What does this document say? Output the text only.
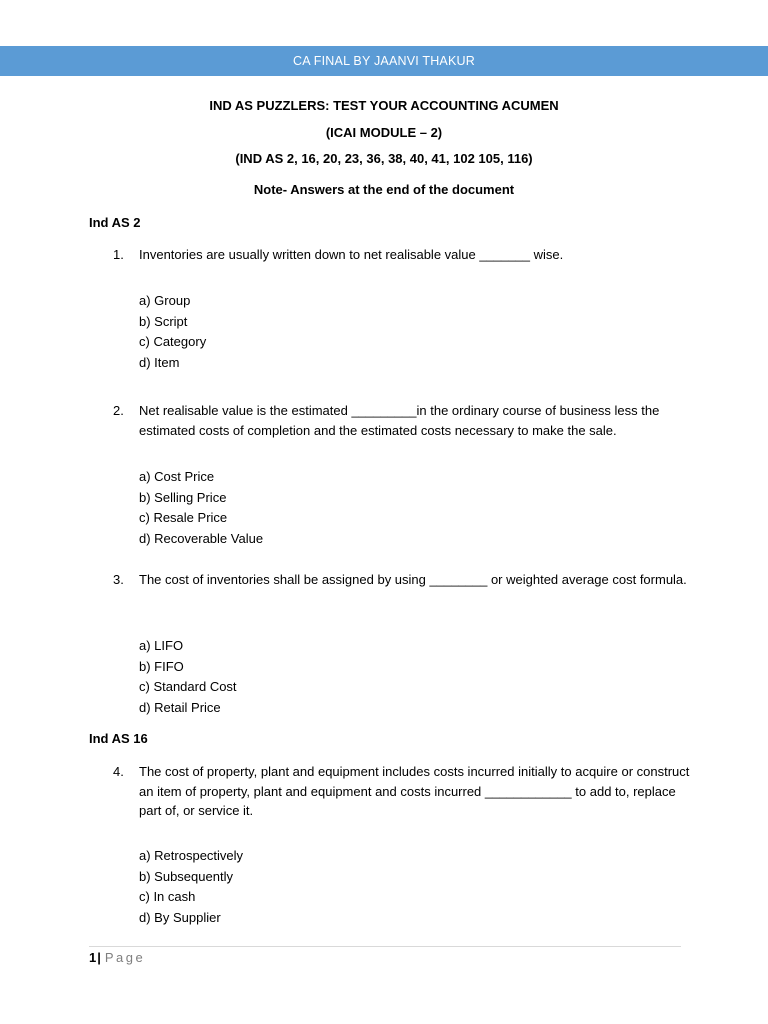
CA FINAL BY JAANVI THAKUR
IND AS PUZZLERS: TEST YOUR ACCOUNTING ACUMEN
(ICAI MODULE – 2)
(IND AS 2, 16, 20, 23, 36, 38, 40, 41, 102 105, 116)
Note- Answers at the end of the document
Ind AS 2
1. Inventories are usually written down to net realisable value _______ wise.
a) Group
b) Script
c) Category
d) Item
2. Net realisable value is the estimated _________in the ordinary course of business less the estimated costs of completion and the estimated costs necessary to make the sale.
a) Cost Price
b) Selling Price
c) Resale Price
d) Recoverable Value
3. The cost of inventories shall be assigned by using ________ or weighted average cost formula.
a) LIFO
b) FIFO
c) Standard Cost
d) Retail Price
Ind AS 16
4. The cost of property, plant and equipment includes costs incurred initially to acquire or construct an item of property, plant and equipment and costs incurred ____________ to add to, replace part of, or service it.
a) Retrospectively
b) Subsequently
c) In cash
d) By Supplier
1| Page
